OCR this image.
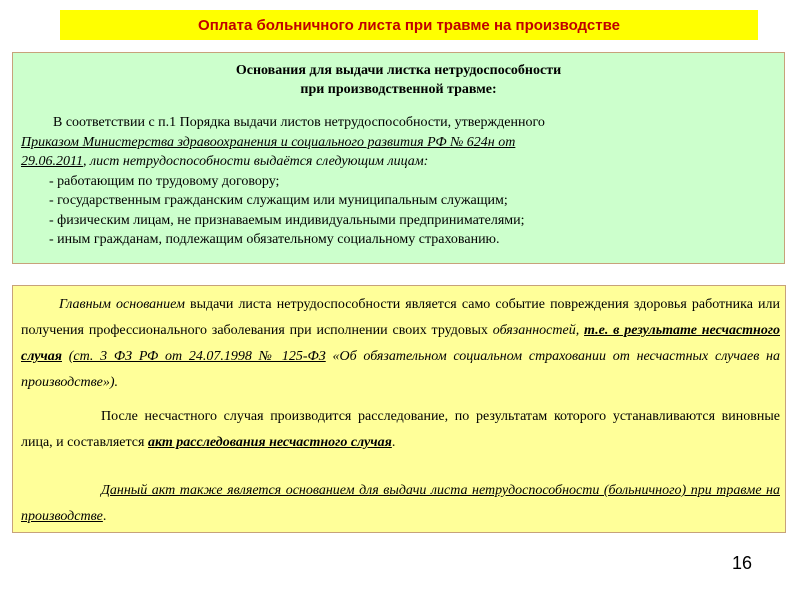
Оплата больничного листа при травме на производстве
Основания для выдачи листка нетрудоспособности
при производственной травме:
В соответствии с п.1 Порядка выдачи листов нетрудоспособности, утвержденного
Приказом Министерства здравоохранения и социального развития РФ № 624н от
29.06.2011, лист нетрудоспособности выдаётся следующим лицам:
- работающим по трудовому договору;
- государственным гражданским служащим или муниципальным служащим;
- физическим лицам, не признаваемым индивидуальными предпринимателями;
- иным гражданам, подлежащим обязательному социальному страхованию.
Главным основанием выдачи листа нетрудоспособности является само событие повреждения здоровья работника или получения профессионального заболевания при исполнении своих трудовых обязанностей, т.е. в результате несчастного случая (ст. 3 ФЗ РФ от 24.07.1998 № 125-ФЗ «Об обязательном социальном страховании от несчастных случаев на производстве»).
После несчастного случая производится расследование, по результатам которого устанавливаются виновные лица, и составляется акт расследования несчастного случая.
Данный акт также является основанием для выдачи листа нетрудоспособности (больничного) при травме на производстве.
16
